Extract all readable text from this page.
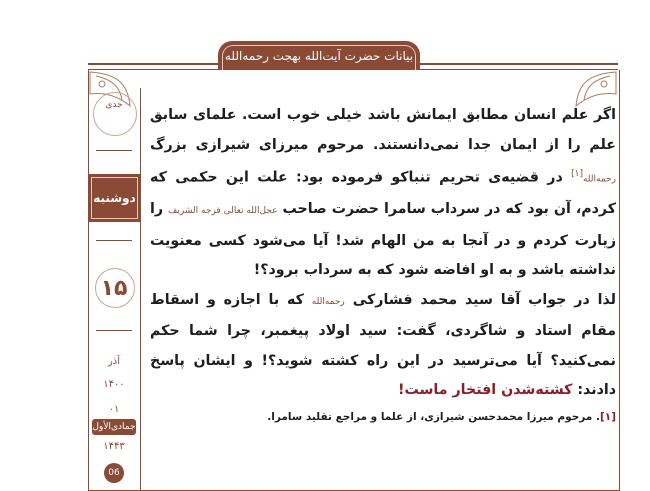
بیانات حضرت آیت‌الله بهجت رحمه‌الله
جدی
دوشنبه
۱۵
آذر
۱۴۰۰
۰۱
جمادی‌الأول
۱۴۴۳
06

اگر علم انسان مطابق ایمانش باشد خیلی خوب است. علمای سابق علم را از ایمان جدا نمی‌دانستند. مرحوم میرزای شیرازی بزرگ رحمه‌الله[۱] در قضیه‌ی تحریم تنباکو فرموده بود: علت این حکمی که کردم، آن بود که در سرداب سامرا حضرت صاحب عجل‌الله تعالی فرجه الشریف را زیارت کردم و در آنجا به من الهام شد! آیا می‌شود کسی معنویت نداشته باشد و به او افاضه شود که به سرداب برود؟!

لذا در جواب آقا سید محمد فشارکی رحمه‌الله که با اجازه و اسقاط مقام استاد و شاگردی، گفت: سید اولاد پیغمبر، چرا شما حکم نمی‌کنید؟ آیا می‌ترسید در این راه کشته شوید؟! و ایشان پاسخ دادند: کشته‌شدن افتخار ماست!

[۱]. مرحوم میرزا محمدحسن شیرازی، از علما و مراجع تقلید سامرا.
